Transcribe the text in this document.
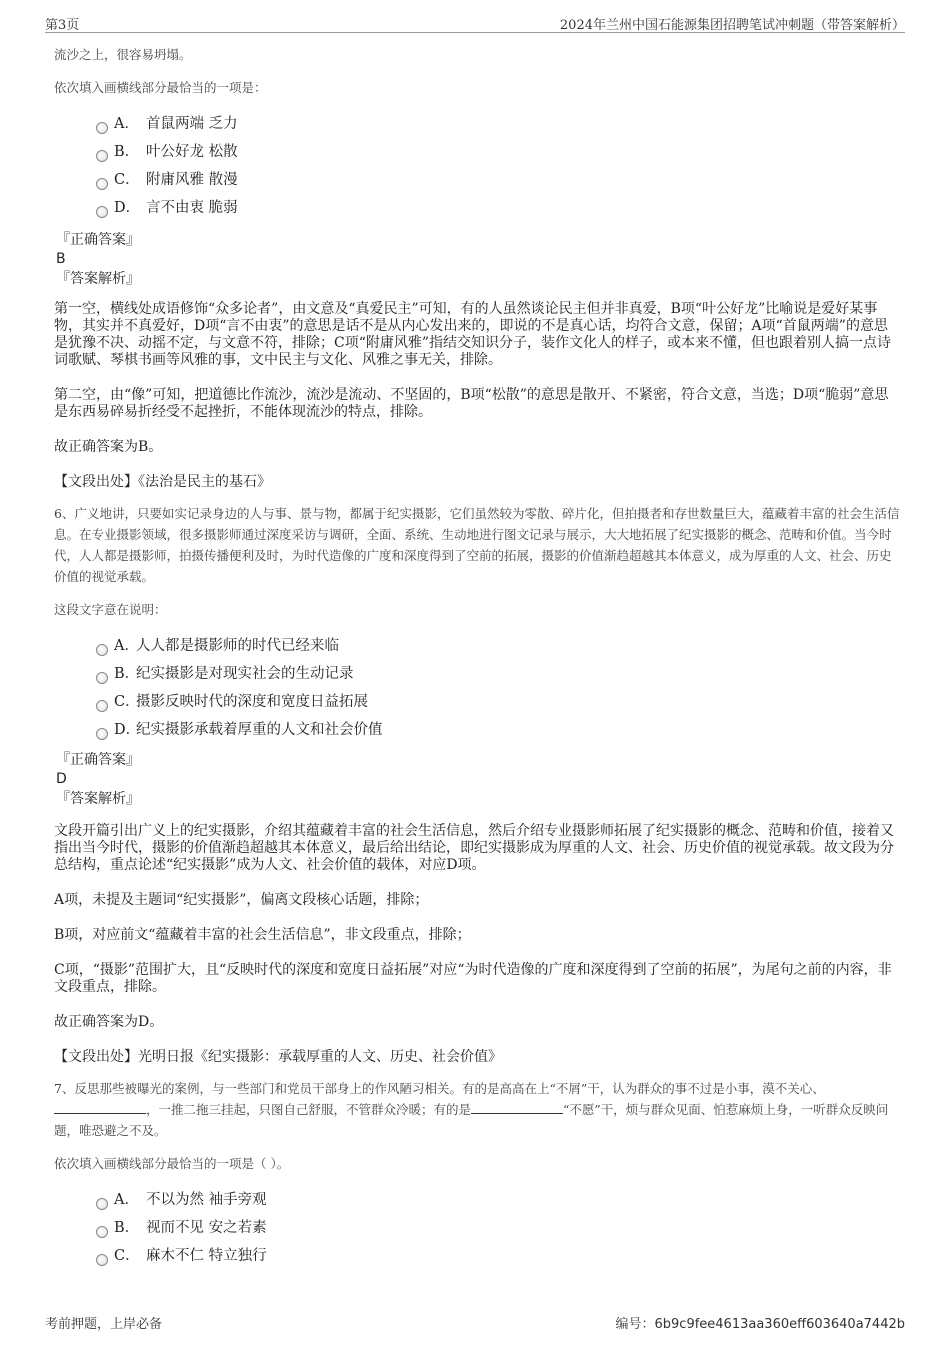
第3页	2024年兰州中国石能源集团招聘笔试冲刺题（带答案解析）

流沙之上，很容易坍塌。

依次填入画横线部分最恰当的一项是：

A． 首鼠两端 乏力
B． 叶公好龙 松散
C． 附庸风雅 散漫
D． 言不由衷 脆弱

『正确答案』

B

『答案解析』

第一空，横线处成语修饰“众多论者”，由文意及“真爱民主”可知，有的人虽然谈论民主但并非真爱，B项“叶公好龙”比喻说是爱好某事物，其实并不真爱好，D项“言不由衷”的意思是话不是从内心发出来的，即说的不是真心话，均符合文意，保留；A项“首鼠两端”的意思是犹豫不决、动摇不定，与文意不符，排除；C项“附庸风雅”指结交知识分子，装作文化人的样子，或本来不懂，但也跟着别人搞一点诗词歌赋、琴棋书画等风雅的事，文中民主与文化、风雅之事无关，排除。

第二空，由“像”可知，把道德比作流沙，流沙是流动、不坚固的，B项“松散”的意思是散开、不紧密，符合文意，当选；D项“脆弱”意思是东西易碎易折经受不起挫折，不能体现流沙的特点，排除。

故正确答案为B。

【文段出处】《法治是民主的基石》

6、广义地讲，只要如实记录身边的人与事、景与物，都属于纪实摄影，它们虽然较为零散、碎片化，但拍摄者和存世数量巨大，蕴藏着丰富的社会生活信息。在专业摄影领域，很多摄影师通过深度采访与调研，全面、系统、生动地进行图文记录与展示，大大地拓展了纪实摄影的概念、范畴和价值。当今时代，人人都是摄影师，拍摄传播便利及时，为时代造像的广度和深度得到了空前的拓展，摄影的价值渐趋超越其本体意义，成为厚重的人文、社会、历史价值的视觉承载。

这段文字意在说明：

A．人人都是摄影师的时代已经来临
B．纪实摄影是对现实社会的生动记录
C．摄影反映时代的深度和宽度日益拓展
D．纪实摄影承载着厚重的人文和社会价值

『正确答案』

D

『答案解析』

文段开篇引出广义上的纪实摄影，介绍其蕴藏着丰富的社会生活信息，然后介绍专业摄影师拓展了纪实摄影的概念、范畴和价值，接着又指出当今时代，摄影的价值渐趋超越其本体意义，最后给出结论，即纪实摄影成为厚重的人文、社会、历史价值的视觉承载。故文段为分总结构，重点论述“纪实摄影”成为人文、社会价值的载体，对应D项。

A项，未提及主题词“纪实摄影”，偏离文段核心话题，排除；

B项，对应前文“蕴藏着丰富的社会生活信息”，非文段重点，排除；

C项，“摄影”范围扩大，且“反映时代的深度和宽度日益拓展”对应“为时代造像的广度和深度得到了空前的拓展”，为尾句之前的内容，非文段重点，排除。

故正确答案为D。

【文段出处】光明日报《纪实摄影：承载厚重的人文、历史、社会价值》

7、反思那些被曝光的案例，与一些部门和党员干部身上的作风陋习相关。有的是高高在上“不屑”干，认为群众的事不过是小事，漠不关心、，一推二拖三挂起，只图自己舒服，不管群众冷暖；有的是	“不愿”干，烦与群众见面、怕惹麻烦上身，一听群众反映问题，唯恐避之不及。

依次填入画横线部分最恰当的一项是（ ）。

A． 不以为然 袖手旁观
B． 视而不见 安之若素
C． 麻木不仁 特立独行
考前押题，上岸必备	编号：6b9c9fee4613aa360eff603640a7442b
